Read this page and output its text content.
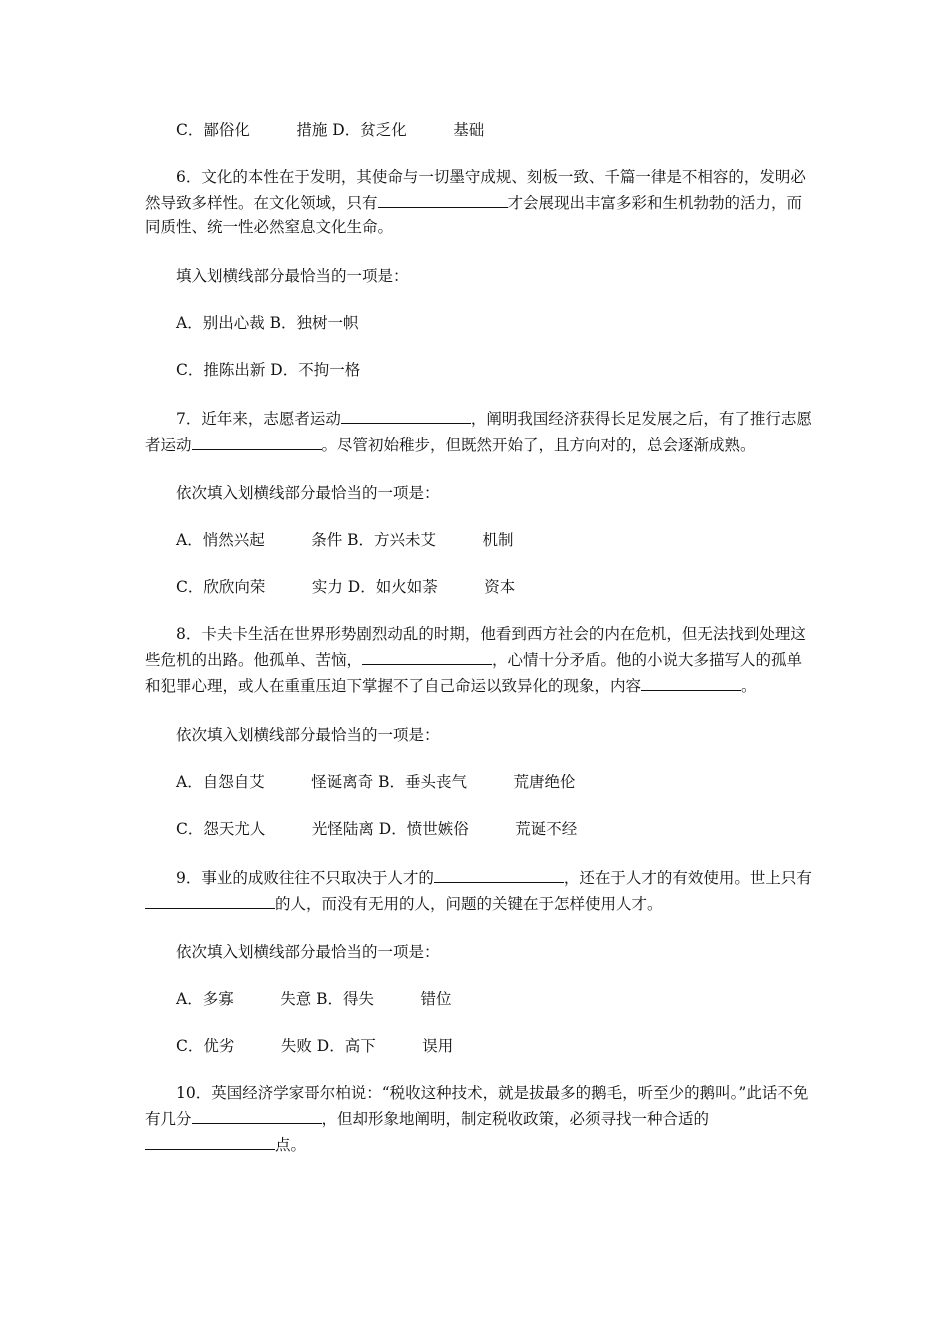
C．鄙俗化　　　措施 D．贫乏化　　　基础
6．文化的本性在于发明，其使命与一切墨守成规、刻板一致、千篇一律是不相容的，发明必然导致多样性。在文化领域，只有	才会展现出丰富多彩和生机勃勃的活力，而同质性、统一性必然窒息文化生命。
填入划横线部分最恰当的一项是：
A．别出心裁 B．独树一帜
C．推陈出新 D．不拘一格
7．近年来，志愿者运动	，阐明我国经济获得长足发展之后，有了推行志愿者运动	。尽管初始稚步，但既然开始了，且方向对的，总会逐渐成熟。
依次填入划横线部分最恰当的一项是：
A．悄然兴起　　　条件 B．方兴未艾　　　机制
C．欣欣向荣　　　实力 D．如火如荼　　　资本
8．卡夫卡生活在世界形势剧烈动乱的时期，他看到西方社会的内在危机，但无法找到处理这些危机的出路。他孤单、苦恼，	，心情十分矛盾。他的小说大多描写人的孤单和犯罪心理，或人在重重压迫下掌握不了自己命运以致异化的现象，内容	。
依次填入划横线部分最恰当的一项是：
A．自怨自艾　　　怪诞离奇 B．垂头丧气　　　荒唐绝伦
C．怨天尤人　　　光怪陆离 D．愤世嫉俗　　　荒诞不经
9．事业的成败往往不只取决于人才的	，还在于人才的有效使用。世上只有的人，而没有无用的人，问题的关键在于怎样使用人才。
依次填入划横线部分最恰当的一项是：
A．多寡　　　失意 B．得失　　　错位
C．优劣　　　失败 D．高下　　　误用
10．英国经济学家哥尔柏说：“税收这种技术，就是拔最多的鹅毛，听至少的鹅叫。”此话不免有几分	，但却形象地阐明，制定税收政策，必须寻找一种合适的点。
